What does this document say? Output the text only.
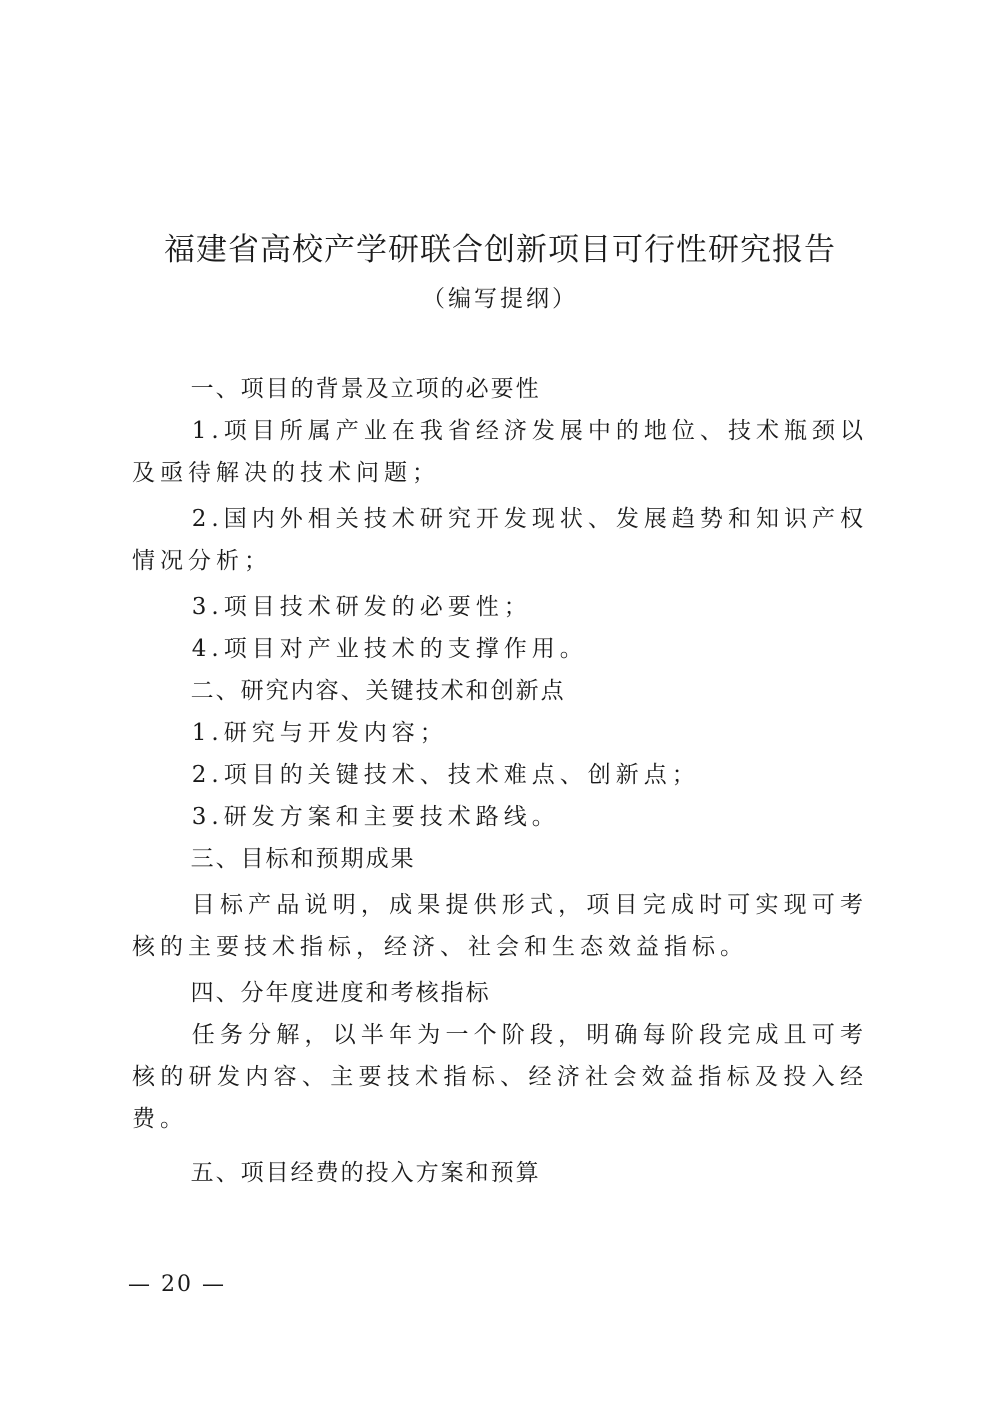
福建省高校产学研联合创新项目可行性研究报告
（编写提纲）

一、项目的背景及立项的必要性

1.项目所属产业在我省经济发展中的地位、技术瓶颈以及亟待解决的技术问题；

2.国内外相关技术研究开发现状、发展趋势和知识产权情况分析；

3.项目技术研发的必要性；

4.项目对产业技术的支撑作用。

二、研究内容、关键技术和创新点

1.研究与开发内容；

2.项目的关键技术、技术难点、创新点；

3.研发方案和主要技术路线。

三、目标和预期成果

目标产品说明，成果提供形式，项目完成时可实现可考核的主要技术指标，经济、社会和生态效益指标。

四、分年度进度和考核指标

任务分解，以半年为一个阶段，明确每阶段完成且可考核的研发内容、主要技术指标、经济社会效益指标及投入经费。

五、项目经费的投入方案和预算

— 20 —
